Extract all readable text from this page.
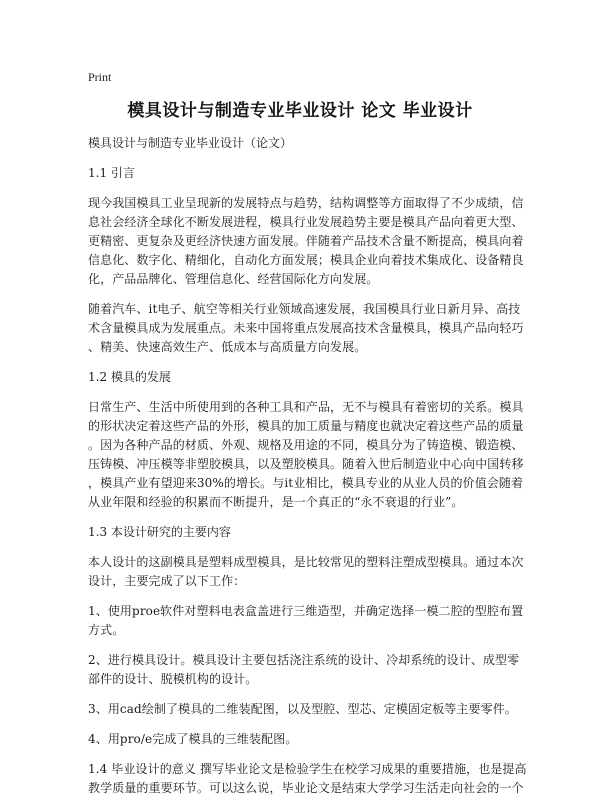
Print
模具设计与制造专业毕业设计 论文 毕业设计

模具设计与制造专业毕业设计（论文）

1.1 引言

现今我国模具工业呈现新的发展特点与趋势，结构调整等方面取得了不少成绩，信

息社会经济全球化不断发展进程，模具行业发展趋势主要是模具产品向着更大型、

更精密、更复杂及更经济快速方面发展。伴随着产品技术含量不断提高，模具向着

信息化、数字化、精细化，自动化方面发展；模具企业向着技术集成化、设备精良

化，产品品牌化、管理信息化、经营国际化方向发展。

随着汽车、it电子、航空等相关行业领域高速发展，我国模具行业日新月异、高技

术含量模具成为发展重点。未来中国将重点发展高技术含量模具，模具产品向轻巧

、精美、快速高效生产、低成本与高质量方向发展。

1.2 模具的发展

日常生产、生活中所使用到的各种工具和产品，无不与模具有着密切的关系。模具

的形状决定着这些产品的外形，模具的加工质量与精度也就决定着这些产品的质量

。因为各种产品的材质、外观、规格及用途的不同，模具分为了铸造模、锻造模、

压铸模、冲压模等非塑胶模具，以及塑胶模具。随着入世后制造业中心向中国转移

，模具产业有望迎来30%的增长。与it业相比，模具专业的从业人员的价值会随着

从业年限和经验的积累而不断提升，是一个真正的“永不衰退的行业”。

1.3 本设计研究的主要内容

本人设计的这副模具是塑料成型模具，是比较常见的塑料注塑成型模具。通过本次

设计，主要完成了以下工作：

1、使用proe软件对塑料电表盒盖进行三维造型，并确定选择一模二腔的型腔布置

方式。

2、进行模具设计。模具设计主要包括浇注系统的设计、冷却系统的设计、成型零

部件的设计、脱模机构的设计。

3、用cad绘制了模具的二维装配图，以及型腔、型芯、定模固定板等主要零件。

4、用pro/e完成了模具的三维装配图。

1.4 毕业设计的意义 撰写毕业论文是检验学生在校学习成果的重要措施，也是提高

教学质量的重要环节。可以这么说，毕业论文是结束大学学习生活走向社会的一个
